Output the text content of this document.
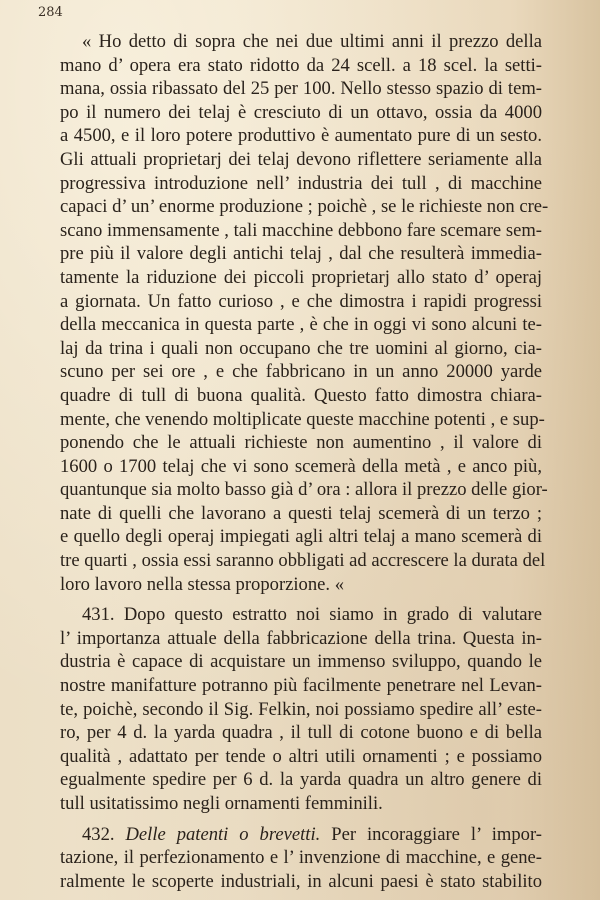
284
« Ho detto di sopra che nei due ultimi anni il prezzo della
mano d’ opera era stato ridotto da 24 scell. a 18 scel. la setti-
mana, ossia ribassato del 25 per 100. Nello stesso spazio di tem-
po il numero dei telaj è cresciuto di un ottavo, ossia da 4000
a 4500, e il loro potere produttivo è aumentato pure di un sesto.
Gli attuali proprietarj dei telaj devono riflettere seriamente alla
progressiva introduzione nell’ industria dei tull , di macchine
capaci d’ un’ enorme produzione ; poichè , se le richieste non cre-
scano immensamente , tali macchine debbono fare scemare sem-
pre più il valore degli antichi telaj , dal che resulterà immedia-
tamente la riduzione dei piccoli proprietarj allo stato d’ operaj
a giornata. Un fatto curioso , e che dimostra i rapidi progressi
della meccanica in questa parte , è che in oggi vi sono alcuni te-
laj da trina i quali non occupano che tre uomini al giorno, cia-
scuno per sei ore , e che fabbricano in un anno 20000 yarde
quadre di tull di buona qualità. Questo fatto dimostra chiara-
mente, che venendo moltiplicate queste macchine potenti , e sup-
ponendo che le attuali richieste non aumentino , il valore di
1600 o 1700 telaj che vi sono scemerà della metà , e anco più,
quantunque sia molto basso già d’ ora : allora il prezzo delle gior-
nate di quelli che lavorano a questi telaj scemerà di un terzo ;
e quello degli operaj impiegati agli altri telaj a mano scemerà di
tre quarti , ossia essi saranno obbligati ad accrescere la durata del
loro lavoro nella stessa proporzione. «
431. Dopo questo estratto noi siamo in grado di valutare
l’ importanza attuale della fabbricazione della trina. Questa in-
dustria è capace di acquistare un immenso sviluppo, quando le
nostre manifatture potranno più facilmente penetrare nel Levan-
te, poichè, secondo il Sig. Felkin, noi possiamo spedire all’ este-
ro, per 4 d. la yarda quadra , il tull di cotone buono e di bella
qualità , adattato per tende o altri utili ornamenti ; e possiamo
egualmente spedire per 6 d. la yarda quadra un altro genere di
tull usitatissimo negli ornamenti femminili.
432. Delle patenti o brevetti. Per incoraggiare l’ impor-
tazione, il perfezionamento e l’ invenzione di macchine, e gene-
ralmente le scoperte industriali, in alcuni paesi è stato stabilito
